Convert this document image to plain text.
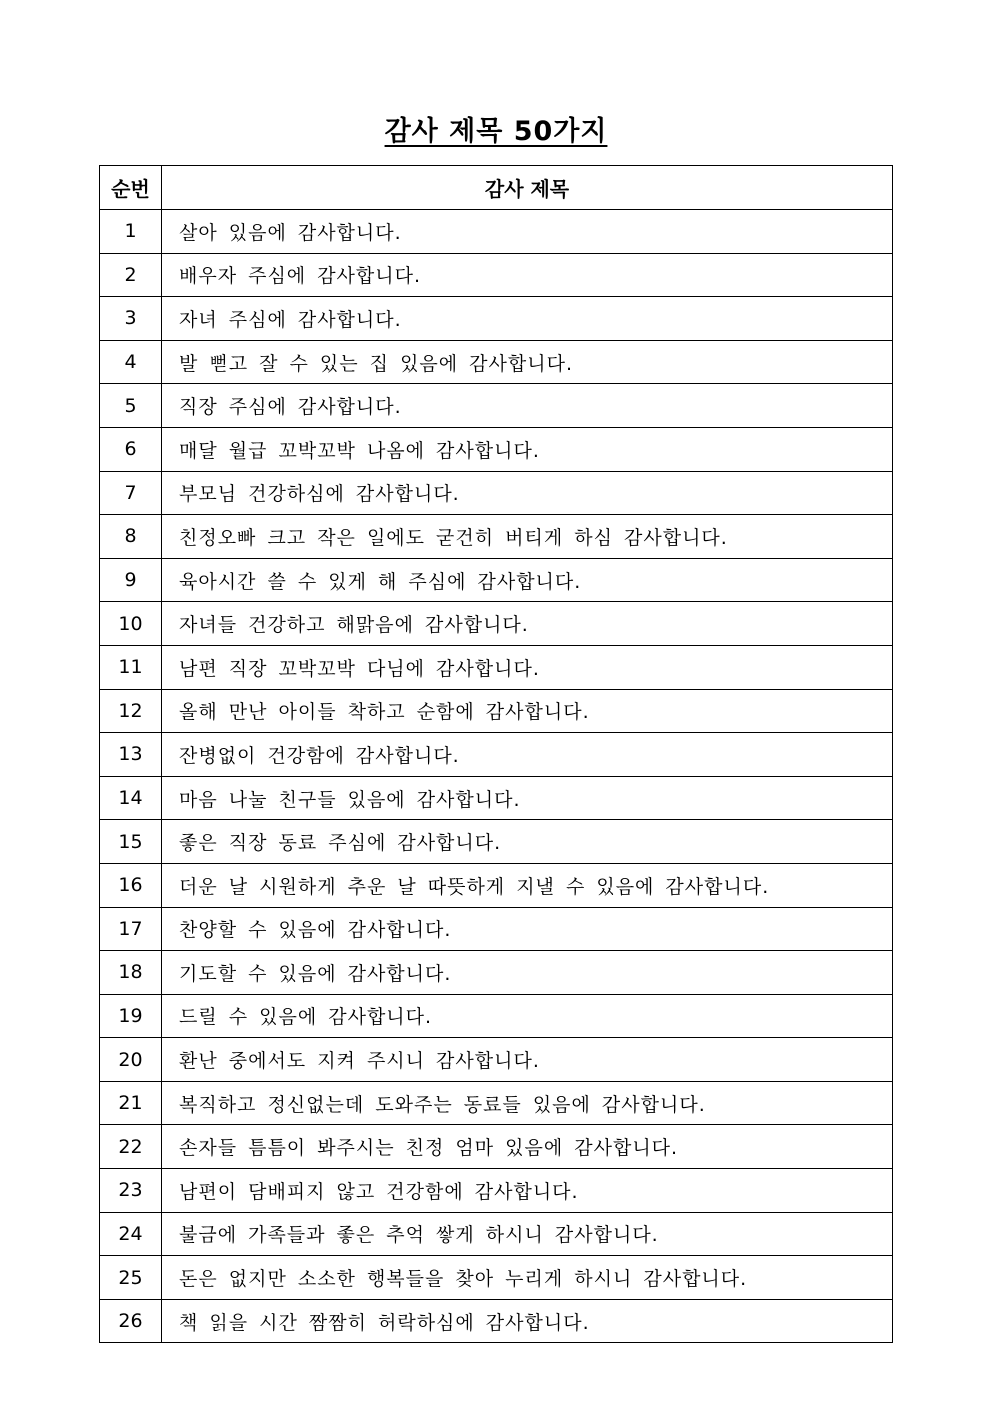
감사 제목 50가지
순번	감사 제목
1	살아 있음에 감사합니다.
2	배우자 주심에 감사합니다.
3	자녀 주심에 감사합니다.
4	발 뻗고 잘 수 있는 집 있음에 감사합니다.
5	직장 주심에 감사합니다.
6	매달 월급 꼬박꼬박 나옴에 감사합니다.
7	부모님 건강하심에 감사합니다.
8	친정오빠 크고 작은 일에도 굳건히 버티게 하심 감사합니다.
9	육아시간 쓸 수 있게 해 주심에 감사합니다.
10	자녀들 건강하고 해맑음에 감사합니다.
11	남편 직장 꼬박꼬박 다님에 감사합니다.
12	올해 만난 아이들 착하고 순함에 감사합니다.
13	잔병없이 건강함에 감사합니다.
14	마음 나눌 친구들 있음에 감사합니다.
15	좋은 직장 동료 주심에 감사합니다.
16	더운 날 시원하게 추운 날 따뜻하게 지낼 수 있음에 감사합니다.
17	찬양할 수 있음에 감사합니다.
18	기도할 수 있음에 감사합니다.
19	드릴 수 있음에 감사합니다.
20	환난 중에서도 지켜 주시니 감사합니다.
21	복직하고 정신없는데 도와주는 동료들 있음에 감사합니다.
22	손자들 틈틈이 봐주시는 친정 엄마 있음에 감사합니다.
23	남편이 담배피지 않고 건강함에 감사합니다.
24	불금에 가족들과 좋은 추억 쌓게 하시니 감사합니다.
25	돈은 없지만 소소한 행복들을 찾아 누리게 하시니 감사합니다.
26	책 읽을 시간 짬짬히 허락하심에 감사합니다.
